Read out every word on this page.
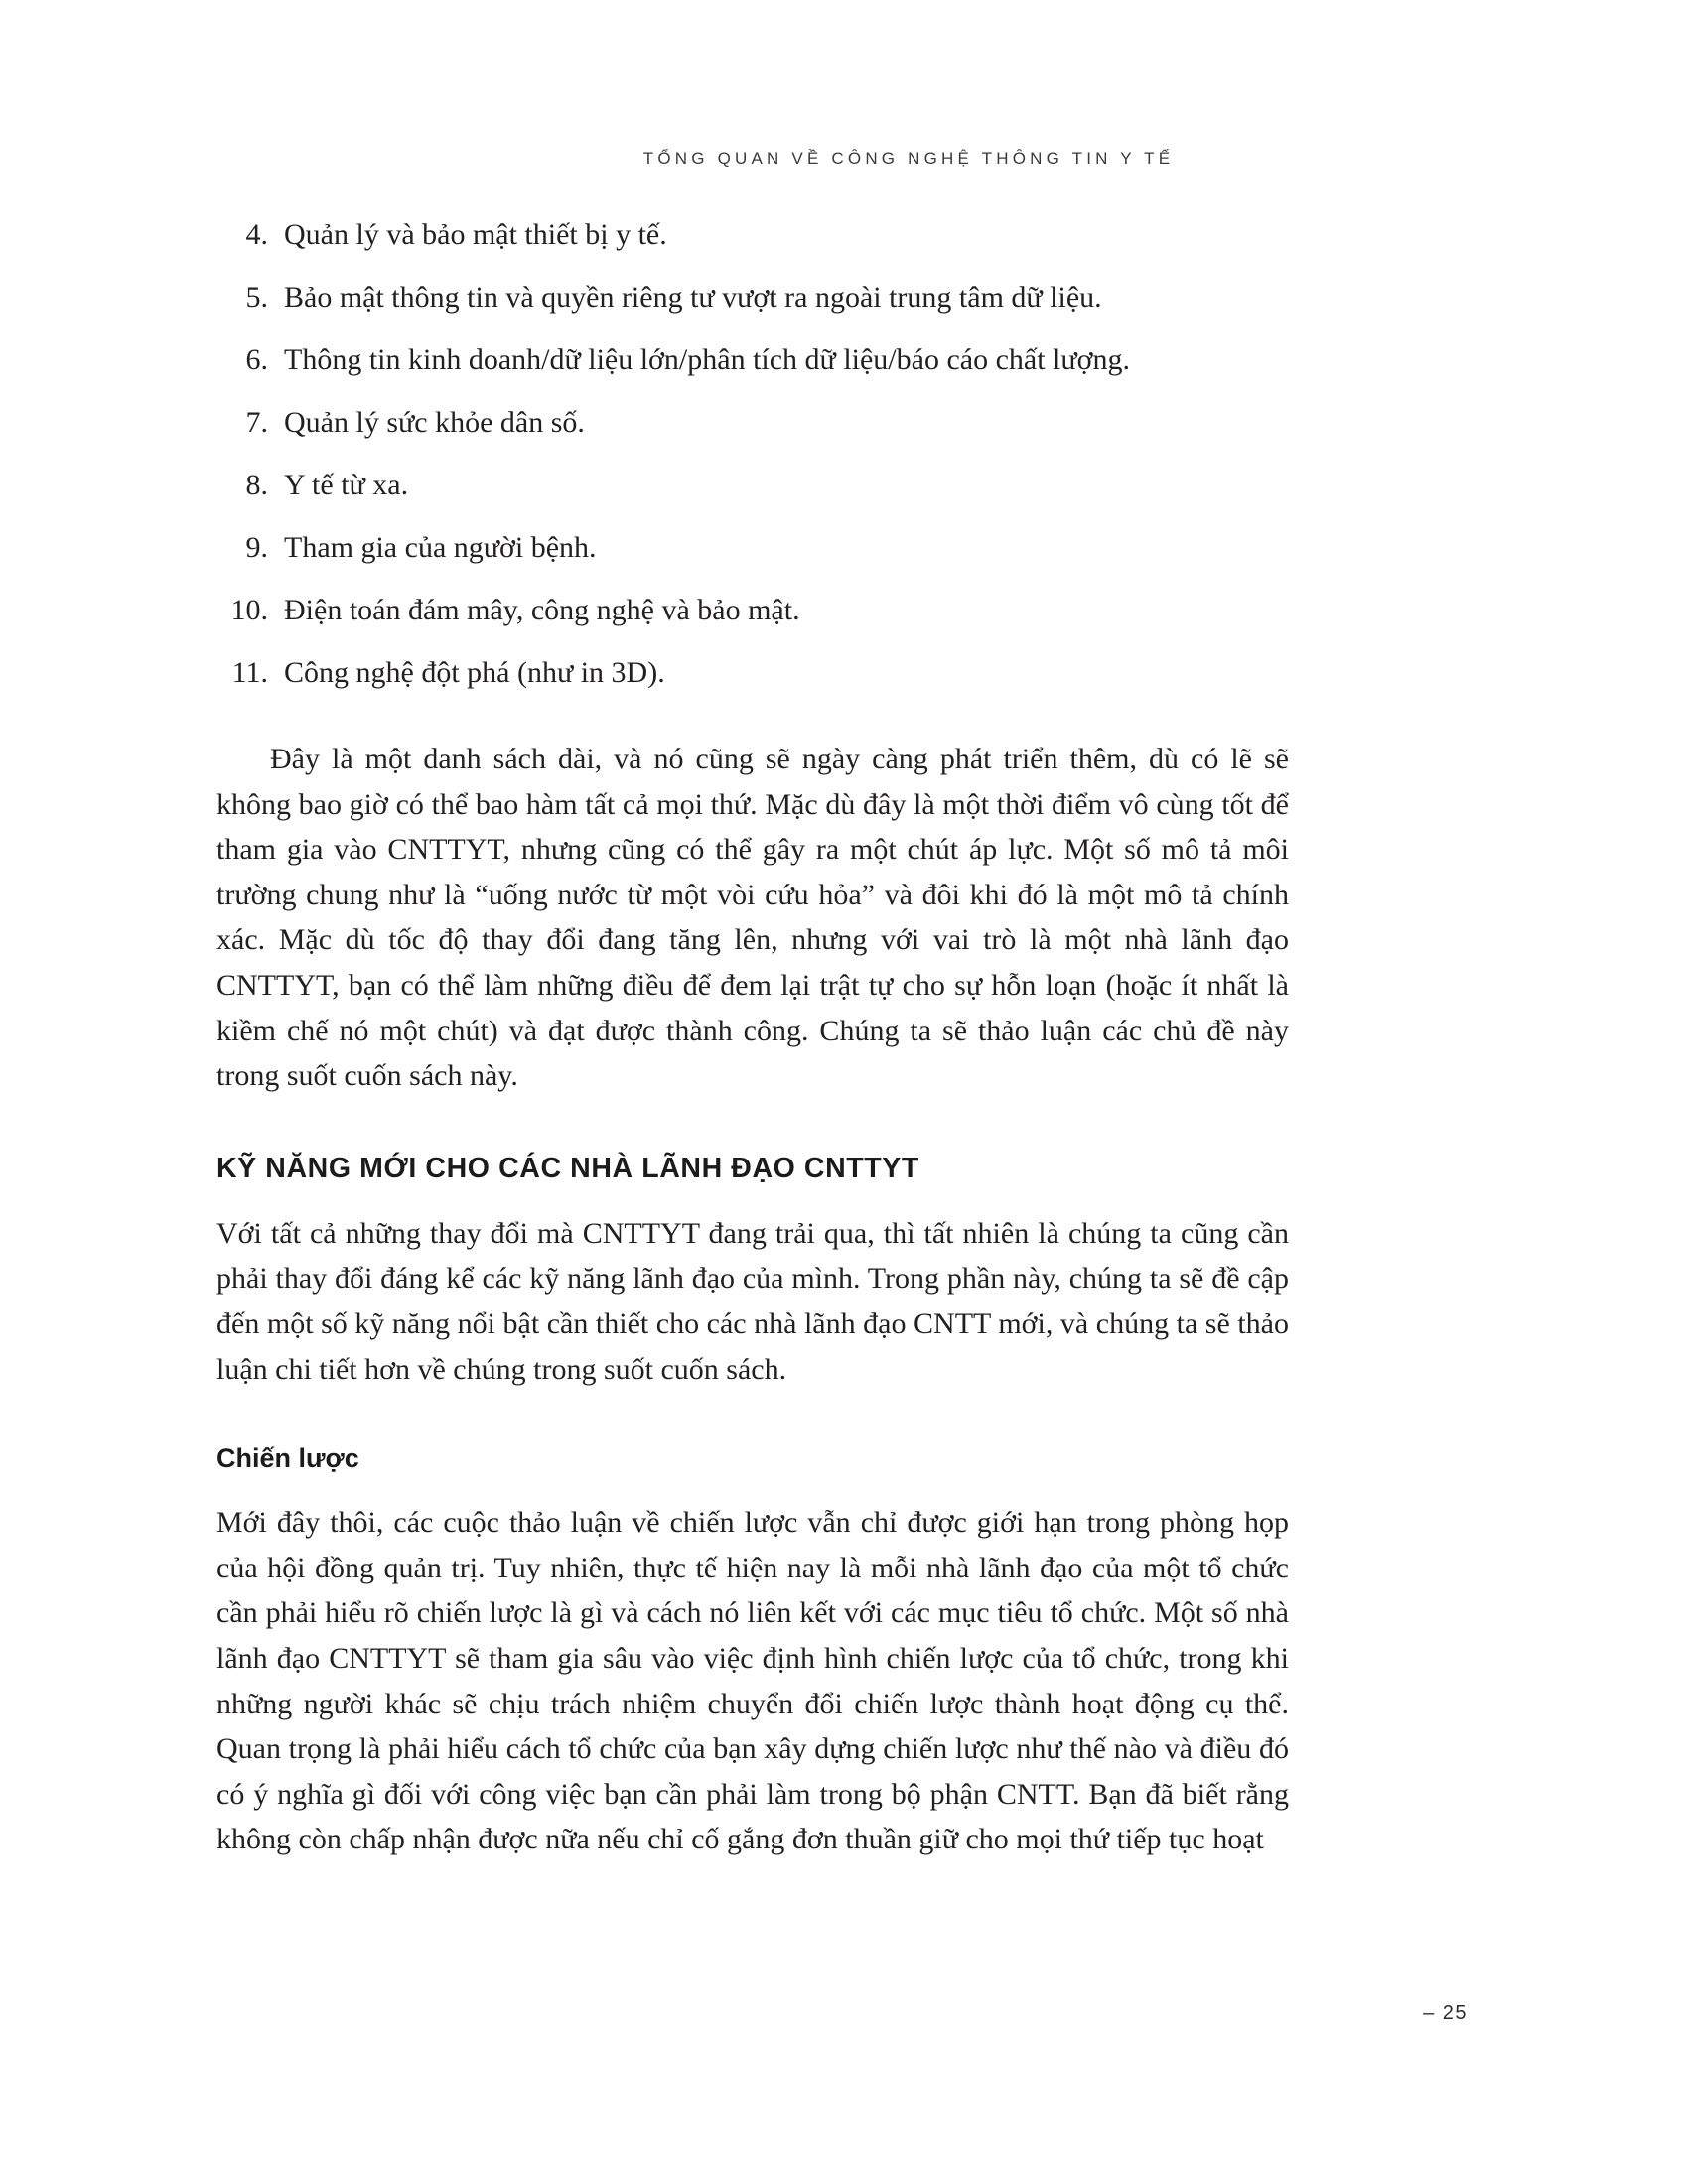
TỔNG QUAN VỀ CÔNG NGHỆ THÔNG TIN Y TẾ
4. Quản lý và bảo mật thiết bị y tế.
5. Bảo mật thông tin và quyền riêng tư vượt ra ngoài trung tâm dữ liệu.
6. Thông tin kinh doanh/dữ liệu lớn/phân tích dữ liệu/báo cáo chất lượng.
7. Quản lý sức khỏe dân số.
8. Y tế từ xa.
9. Tham gia của người bệnh.
10. Điện toán đám mây, công nghệ và bảo mật.
11. Công nghệ đột phá (như in 3D).

Đây là một danh sách dài, và nó cũng sẽ ngày càng phát triển thêm, dù có lẽ sẽ không bao giờ có thể bao hàm tất cả mọi thứ. Mặc dù đây là một thời điểm vô cùng tốt để tham gia vào CNTTYT, nhưng cũng có thể gây ra một chút áp lực. Một số mô tả môi trường chung như là “uống nước từ một vòi cứu hỏa” và đôi khi đó là một mô tả chính xác. Mặc dù tốc độ thay đổi đang tăng lên, nhưng với vai trò là một nhà lãnh đạo CNTTYT, bạn có thể làm những điều để đem lại trật tự cho sự hỗn loạn (hoặc ít nhất là kiềm chế nó một chút) và đạt được thành công. Chúng ta sẽ thảo luận các chủ đề này trong suốt cuốn sách này.

KỸ NĂNG MỚI CHO CÁC NHÀ LÃNH ĐẠO CNTTYT

Với tất cả những thay đổi mà CNTTYT đang trải qua, thì tất nhiên là chúng ta cũng cần phải thay đổi đáng kể các kỹ năng lãnh đạo của mình. Trong phần này, chúng ta sẽ đề cập đến một số kỹ năng nổi bật cần thiết cho các nhà lãnh đạo CNTT mới, và chúng ta sẽ thảo luận chi tiết hơn về chúng trong suốt cuốn sách.

Chiến lược

Mới đây thôi, các cuộc thảo luận về chiến lược vẫn chỉ được giới hạn trong phòng họp của hội đồng quản trị. Tuy nhiên, thực tế hiện nay là mỗi nhà lãnh đạo của một tổ chức cần phải hiểu rõ chiến lược là gì và cách nó liên kết với các mục tiêu tổ chức. Một số nhà lãnh đạo CNTTYT sẽ tham gia sâu vào việc định hình chiến lược của tổ chức, trong khi những người khác sẽ chịu trách nhiệm chuyển đổi chiến lược thành hoạt động cụ thể. Quan trọng là phải hiểu cách tổ chức của bạn xây dựng chiến lược như thế nào và điều đó có ý nghĩa gì đối với công việc bạn cần phải làm trong bộ phận CNTT. Bạn đã biết rằng không còn chấp nhận được nữa nếu chỉ cố gắng đơn thuần giữ cho mọi thứ tiếp tục hoạt

– 25
